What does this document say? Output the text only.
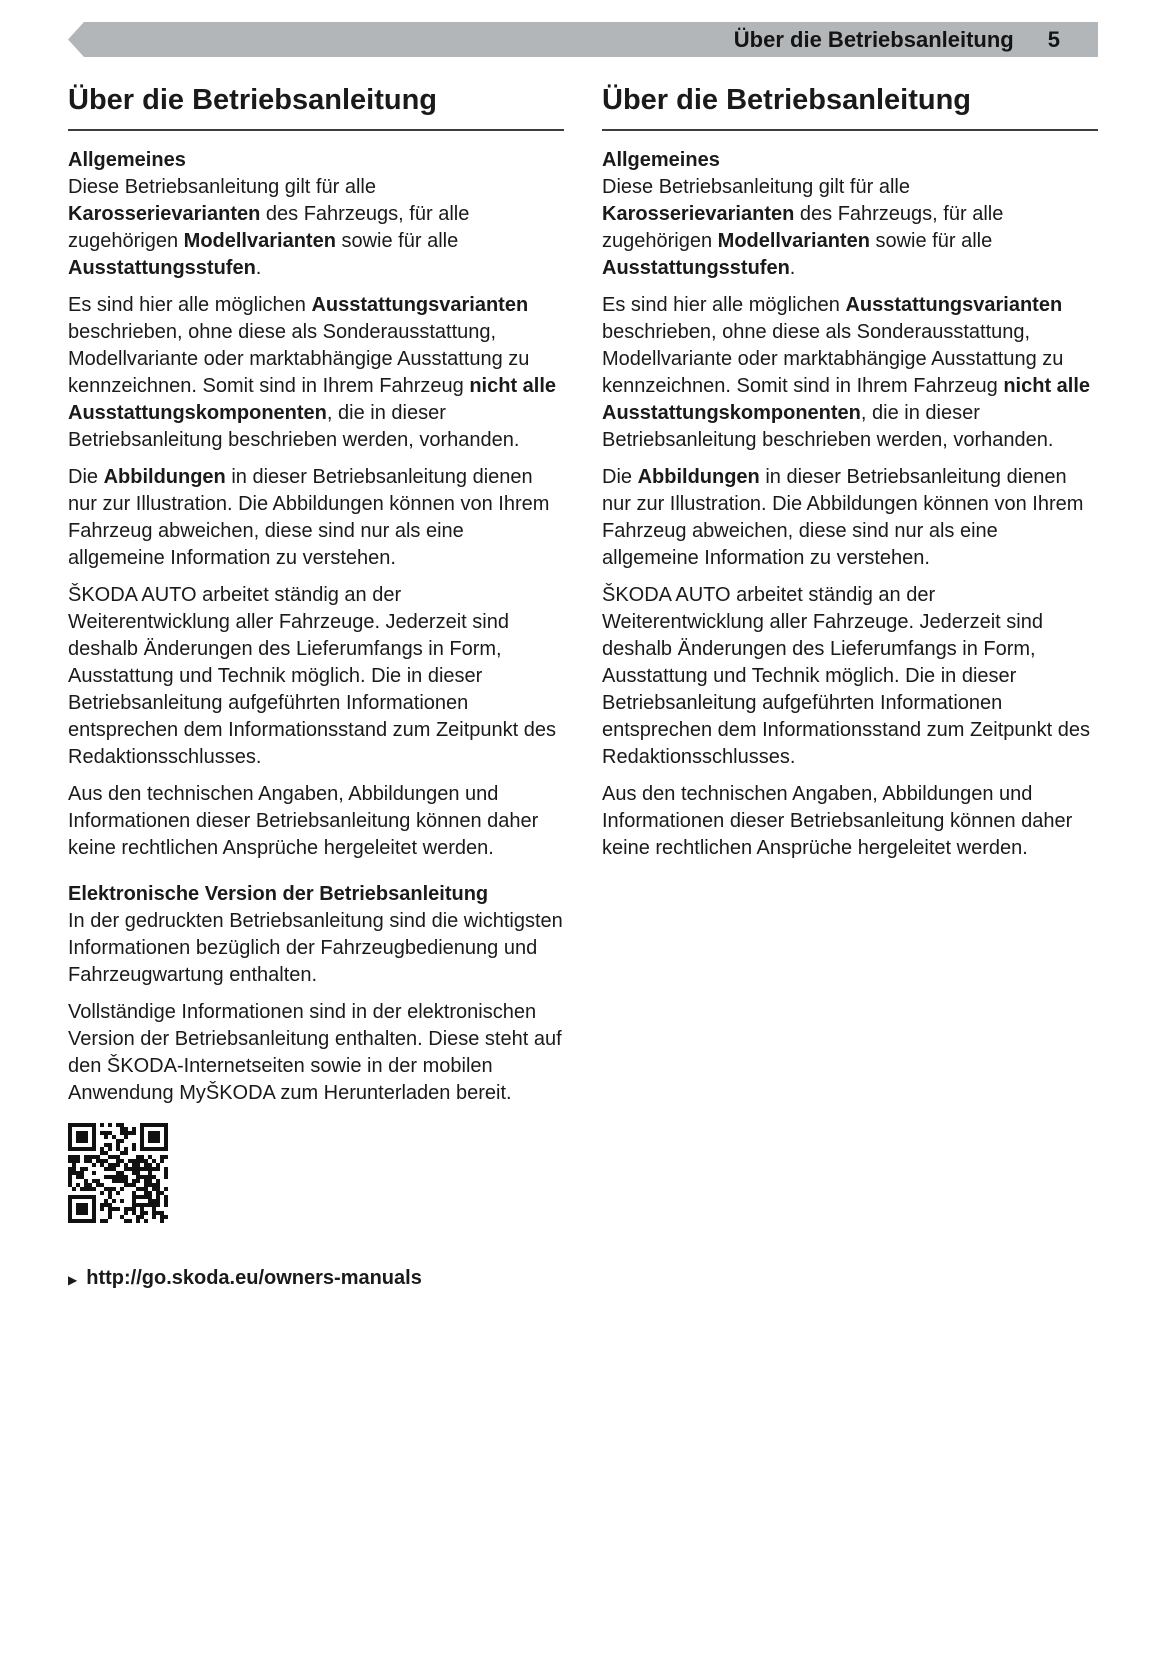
Über die Betriebsanleitung 5
Über die Betriebsanleitung
Allgemeines

Diese Betriebsanleitung gilt für alle Karosserievarianten des Fahrzeugs, für alle zugehörigen Modellvarianten sowie für alle Ausstattungsstufen.

Es sind hier alle möglichen Ausstattungsvarianten beschrieben, ohne diese als Sonderausstattung, Modellvariante oder marktabhängige Ausstattung zu kennzeichnen. Somit sind in Ihrem Fahrzeug nicht alle Ausstattungskomponenten, die in dieser Betriebsanleitung beschrieben werden, vorhanden.

Die Abbildungen in dieser Betriebsanleitung dienen nur zur Illustration. Die Abbildungen können von Ihrem Fahrzeug abweichen, diese sind nur als eine allgemeine Information zu verstehen.

ŠKODA AUTO arbeitet ständig an der Weiterentwicklung aller Fahrzeuge. Jederzeit sind deshalb Änderungen des Lieferumfangs in Form, Ausstattung und Technik möglich. Die in dieser Betriebsanleitung aufgeführten Informationen entsprechen dem Informationsstand zum Zeitpunkt des Redaktionsschlusses.

Aus den technischen Angaben, Abbildungen und Informationen dieser Betriebsanleitung können daher keine rechtlichen Ansprüche hergeleitet werden.

Elektronische Version der Betriebsanleitung

In der gedruckten Betriebsanleitung sind die wichtigsten Informationen bezüglich der Fahrzeugbedienung und Fahrzeugwartung enthalten.

Vollständige Informationen sind in der elektronischen Version der Betriebsanleitung enthalten. Diese steht auf den ŠKODA-Internetseiten sowie in der mobilen Anwendung MyŠKODA zum Herunterladen bereit.

▶ http://go.skoda.eu/owners-manuals
Über die Betriebsanleitung
Allgemeines

Diese Betriebsanleitung gilt für alle Karosserievarianten des Fahrzeugs, für alle zugehörigen Modellvarianten sowie für alle Ausstattungsstufen.

Es sind hier alle möglichen Ausstattungsvarianten beschrieben, ohne diese als Sonderausstattung, Modellvariante oder marktabhängige Ausstattung zu kennzeichnen. Somit sind in Ihrem Fahrzeug nicht alle Ausstattungskomponenten, die in dieser Betriebsanleitung beschrieben werden, vorhanden.

Die Abbildungen in dieser Betriebsanleitung dienen nur zur Illustration. Die Abbildungen können von Ihrem Fahrzeug abweichen, diese sind nur als eine allgemeine Information zu verstehen.

ŠKODA AUTO arbeitet ständig an der Weiterentwicklung aller Fahrzeuge. Jederzeit sind deshalb Änderungen des Lieferumfangs in Form, Ausstattung und Technik möglich. Die in dieser Betriebsanleitung aufgeführten Informationen entsprechen dem Informationsstand zum Zeitpunkt des Redaktionsschlusses.

Aus den technischen Angaben, Abbildungen und Informationen dieser Betriebsanleitung können daher keine rechtlichen Ansprüche hergeleitet werden.
